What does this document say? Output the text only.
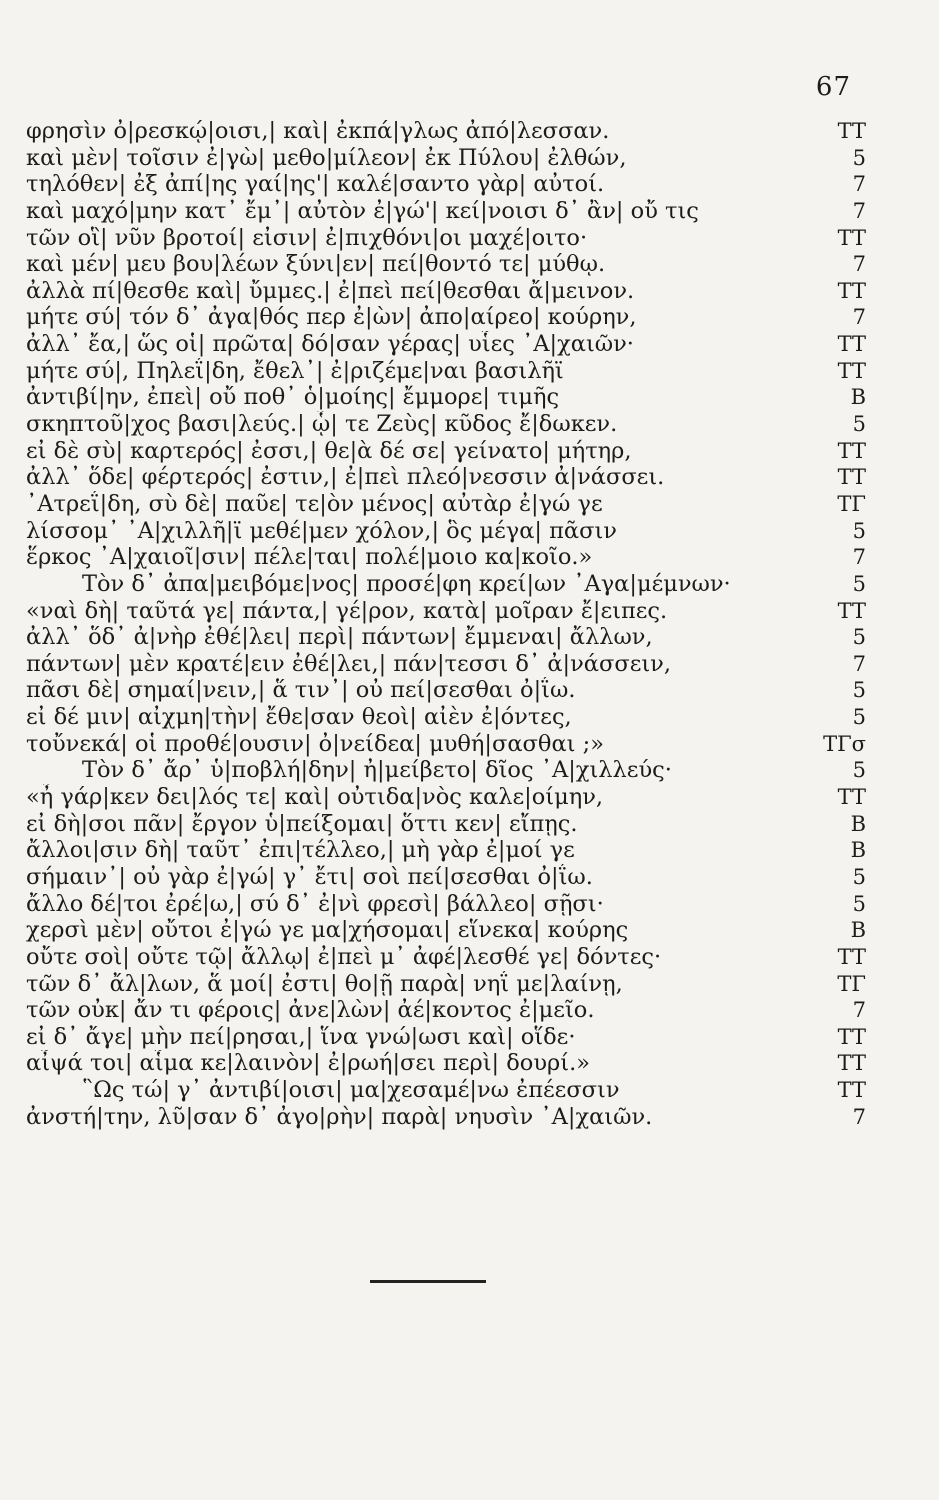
67
φρησὶν ὀ|ρεσκῴ|οισι,| καὶ| ἐκπά|γλως ἀπό|λεσσαν.	TT
καὶ μὲν| τοῖσιν ἐ|γὼ| μεθο|μίλεον| ἐκ Πύλου| ἐλθών,	5
τηλόθεν| ἐξ ἀπί|ης γαί|ης'| καλέ|σαντο γὰρ| αὐτοί.	7
καὶ μαχό|μην κατ᾽ ἔμ᾽| αὐτὸν ἐ|γώ'| κεί|νοισι δ᾽ ἂν| οὔ τις	7
τῶν οἳ| νῦν βροτοί| εἰσιν| ἐ|πιχθόνι|οι μαχέ|οιτο·	TT
καὶ μέν| μευ βου|λέων ξύνι|εν| πεί|θοντό τε| μύθῳ.	7
ἀλλὰ πί|θεσθε καὶ| ὔμμες.| ἐ|πεὶ πεί|θεσθαι ἄ|μεινον.	TT
μήτε σύ| τόν δ᾽ ἀγα|θός περ ἐ|ὼν| ἀπο|αίρεο| κούρην,	7
ἀλλ᾽ ἔα,| ὥς οἱ| πρῶτα| δό|σαν γέρας| υἷες ᾽Α|χαιῶν·	TT
μήτε σύ|, Πηλεΐ|δη, ἔθελ᾽| ἐ|ριζέμε|ναι βασιλῆϊ	TT
ἀντιβί|ην, ἐπεὶ| οὔ ποθ᾽ ὁ|μοίης| ἔμμορε| τιμῆς	B
σκηπτοῦ|χος βασι|λεύς.| ᾧ| τε Ζεὺς| κῦδος ἔ|δωκεν.	5
εἰ δὲ σὺ| καρτερός| ἐσσι,| θε|ὰ δέ σε| γείνατο| μήτηρ,	TT
ἀλλ᾽ ὅδε| φέρτερός| ἐστιν,| ἐ|πεὶ πλεό|νεσσιν ἀ|νάσσει.	TT
᾽Ατρεΐ|δη, σὺ δὲ| παῦε| τε|ὸν μένος| αὐτὰρ ἐ|γώ γε	TΓ
λίσσομ᾽ ᾽Α|χιλλῆ|ϊ μεθέ|μεν χόλον,| ὃς μέγα| πᾶσιν	5
ἕρκος ᾽Α|χαιοῖ|σιν| πέλε|ται| πολέ|μοιο κα|κοῖο.»	7
Τὸν δ᾽ ἀπα|μειβόμε|νος| προσέ|φη κρεί|ων ᾽Αγα|μέμνων·	5
«ναὶ δὴ| ταῦτά γε| πάντα,| γέ|ρον, κατὰ| μοῖραν ἔ|ειπες.	TT
ἀλλ᾽ ὅδ᾽ ἀ|νὴρ ἐθέ|λει| περὶ| πάντων| ἔμμεναι| ἄλλων,	5
πάντων| μὲν κρατέ|ειν ἐθέ|λει,| πάν|τεσσι δ᾽ ἀ|νάσσειν,	7
πᾶσι δὲ| σημαί|νειν,| ἅ τιν᾽| οὐ πεί|σεσθαι ὀ|ΐω.	5
εἰ δέ μιν| αἰχμη|τὴν| ἔθε|σαν θεοὶ| αἰὲν ἐ|όντες,	5
τοὔνεκά| οἱ προθέ|ουσιν| ὀ|νείδεα| μυθή|σασθαι ;»	TΓσ
Τὸν δ᾽ ἄρ᾽ ὑ|ποβλή|δην| ἠ|μείβετο| δῖος ᾽Α|χιλλεύς·	5
«ἦ γάρ|κεν δει|λός τε| καὶ| οὐτιδα|νὸς καλε|οίμην,	TT
εἰ δὴ|σοι πᾶν| ἔργον ὑ|πείξομαι| ὅττι κεν| εἴπῃς.	B
ἄλλοι|σιν δὴ| ταῦτ᾽ ἐπι|τέλλεο,| μὴ γὰρ ἐ|μοί γε	B
σήμαιν᾽| οὐ γὰρ ἐ|γώ| γ᾽ ἔτι| σοὶ πεί|σεσθαι ὀ|ΐω.	5
ἄλλο δέ|τοι ἐρέ|ω,| σύ δ᾽ ἐ|νὶ φρεσὶ| βάλλεο| σῇσι·	5
χερσὶ μὲν| οὔτοι ἐ|γώ γε μα|χήσομαι| εἵνεκα| κούρης	B
οὔτε σοὶ| οὔτε τῷ| ἄλλῳ| ἐ|πεὶ μ᾽ ἀφέ|λεσθέ γε| δόντες·	TT
τῶν δ᾽ ἄλ|λων, ἅ μοί| ἐστι| θο|ῇ παρὰ| νηΐ με|λαίνῃ,	TΓ
τῶν οὐκ| ἄν τι φέροις| ἀνε|λὼν| ἀέ|κοντος ἐ|μεῖο.	7
εἰ δ᾽ ἄγε| μὴν πεί|ρησαι,| ἵνα γνώ|ωσι καὶ| οἵδε·	TT
αἶψά τοι| αἷμα κε|λαινὸν| ἐ|ρωή|σει περὶ| δουρί.»	TT
῝Ως τώ| γ᾽ ἀντιβί|οισι| μα|χεσαμέ|νω ἐπέεσσιν	TT
ἀνστή|την, λῦ|σαν δ᾽ ἀγο|ρὴν| παρὰ| νηυσὶν ᾽Α|χαιῶν.	7
